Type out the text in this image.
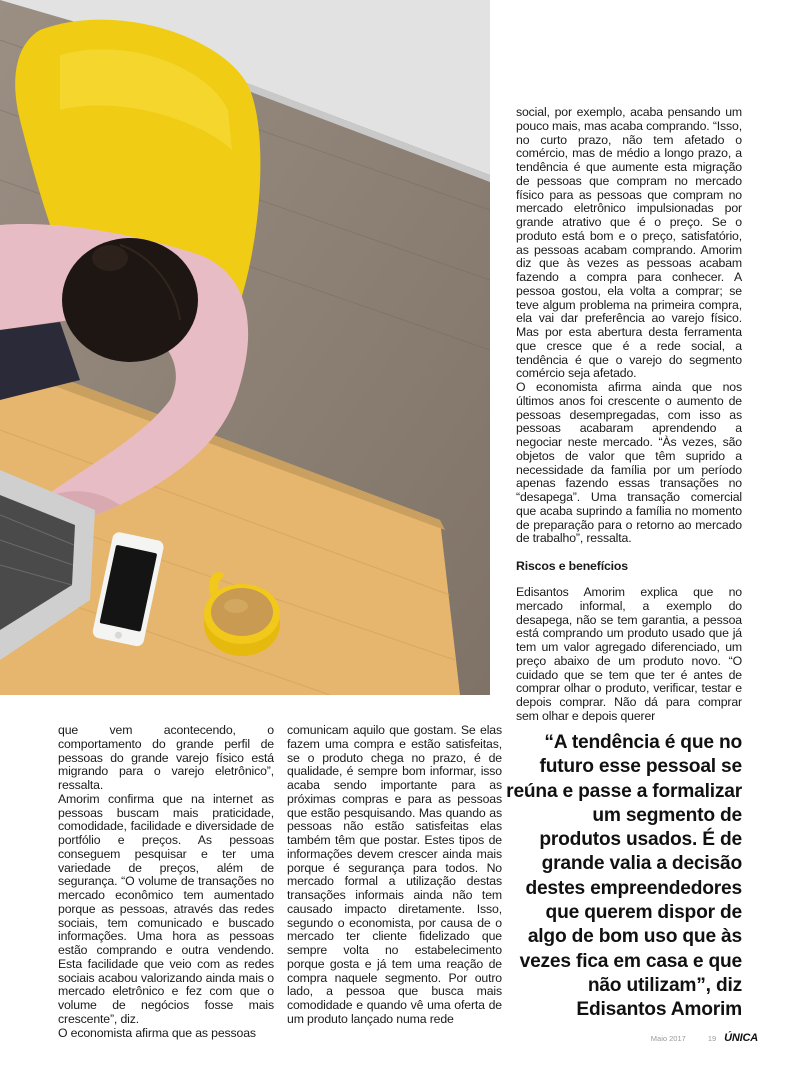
social, por exemplo, acaba pensando um pouco mais, mas acaba comprando. “Isso, no curto prazo, não tem afetado o comércio, mas de médio a longo prazo, a tendência é que aumente esta migração de pessoas que compram no mercado físico para as pessoas que compram no mercado eletrônico impulsionadas por grande atrativo que é o preço. Se o produto está bom e o preço, satisfatório, as pessoas acabam comprando. Amorim diz que às vezes as pessoas acabam fazendo a compra para conhecer. A pessoa gostou, ela volta a comprar; se teve algum problema na primeira compra, ela vai dar preferência ao varejo físico. Mas por esta abertura desta ferramenta que cresce que é a rede social, a tendência é que o varejo do segmento comércio seja afetado.

O economista afirma ainda que nos últimos anos foi crescente o aumento de pessoas desempregadas, com isso as pessoas acabaram aprendendo a negociar neste mercado. “Às vezes, são objetos de valor que têm suprido a necessidade da família por um período apenas fazendo essas transações no “desapega”. Uma transação comercial que acaba suprindo a família no momento de preparação para o retorno ao mercado de trabalho”, ressalta.

Riscos e benefícios

Edisantos Amorim explica que no mercado informal, a exemplo do desapega, não se tem garantia, a pessoa está comprando um produto usado que já tem um valor agregado diferenciado, um preço abaixo de um produto novo. “O cuidado que se tem que ter é antes de comprar olhar o produto, verificar, testar e depois comprar. Não dá para comprar sem olhar e depois querer

que vem acontecendo, o comportamento do grande perfil de pessoas do grande varejo físico está migrando para o varejo eletrônico”, ressalta.

Amorim confirma que na internet as pessoas buscam mais praticidade, comodidade, facilidade e diversidade de portfólio e preços. As pessoas conseguem pesquisar e ter uma variedade de preços, além de segurança. “O volume de transações no mercado econômico tem aumentado porque as pessoas, através das redes sociais, tem comunicado e buscado informações. Uma hora as pessoas estão comprando e outra vendendo. Esta facilidade que veio com as redes sociais acabou valorizando ainda mais o mercado eletrônico e fez com que o volume de negócios fosse mais crescente”, diz.

O economista afirma que as pessoas

comunicam aquilo que gostam. Se elas fazem uma compra e estão satisfeitas, se o produto chega no prazo, é de qualidade, é sempre bom informar, isso acaba sendo importante para as próximas compras e para as pessoas que estão pesquisando. Mas quando as pessoas não estão satisfeitas elas também têm que postar. Estes tipos de informações devem crescer ainda mais porque é segurança para todos. No mercado formal a utilização destas transações informais ainda não tem causado impacto diretamente. Isso, segundo o economista, por causa de o mercado ter cliente fidelizado que sempre volta no estabelecimento porque gosta e já tem uma reação de compra naquele segmento. Por outro lado, a pessoa que busca mais comodidade e quando vê uma oferta de um produto lançado numa rede

“A tendência é que no futuro esse pessoal se reúna e passe a formalizar um segmento de produtos usados. É de grande valia a decisão destes empreendedores que querem dispor de algo de bom uso que às vezes fica em casa e que não utilizam”, diz Edisantos Amorim
Maio 2017	19 ÚNICA
